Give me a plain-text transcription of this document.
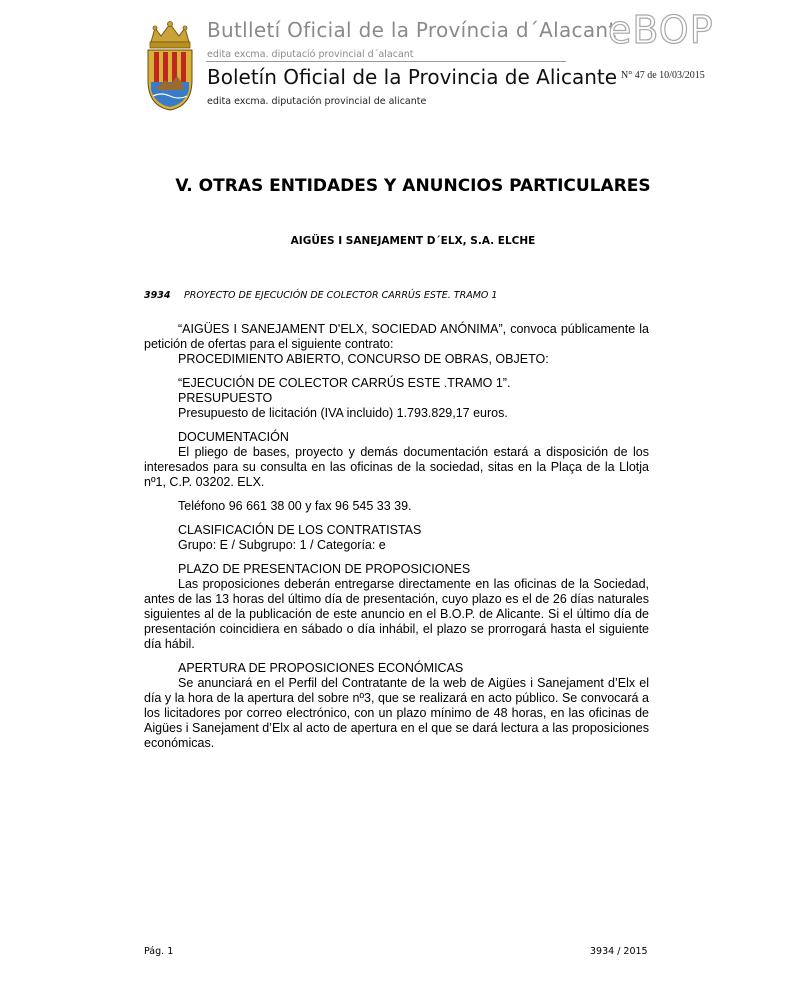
Butlletí Oficial de la Província d´Alacant
edita excma. diputació provincial d´alacant
Boletín Oficial de la Provincia de Alicante
edita excma. diputación provincial de alicante
eBOP
N° 47 de 10/03/2015
V. OTRAS ENTIDADES Y ANUNCIOS PARTICULARES
AIGÜES I SANEJAMENT D´ELX, S.A. ELCHE
3934 PROYECTO DE EJECUCIÓN DE COLECTOR CARRÚS ESTE. TRAMO 1

“AIGÜES I SANEJAMENT D'ELX, SOCIEDAD ANÓNIMA”, convoca públicamente la petición de ofertas para el siguiente contrato:

PROCEDIMIENTO ABIERTO, CONCURSO DE OBRAS, OBJETO:

“EJECUCIÓN DE COLECTOR CARRÚS ESTE .TRAMO 1”.

PRESUPUESTO

Presupuesto de licitación (IVA incluido) 1.793.829,17 euros.

DOCUMENTACIÓN

El pliego de bases, proyecto y demás documentación estará a disposición de los interesados para su consulta en las oficinas de la sociedad, sitas en la Plaça de la Llotja nº1, C.P. 03202. ELX.

Teléfono 96 661 38 00 y fax 96 545 33 39.

CLASIFICACIÓN DE LOS CONTRATISTAS

Grupo: E / Subgrupo: 1 / Categoría: e

PLAZO DE PRESENTACION DE PROPOSICIONES

Las proposiciones deberán entregarse directamente en las oficinas de la Sociedad, antes de las 13 horas del último día de presentación, cuyo plazo es el de 26 días naturales siguientes al de la publicación de este anuncio en el B.O.P. de Alicante. Si el último día de presentación coincidiera en sábado o día inhábil, el plazo se prorrogará hasta el siguiente día hábil.

APERTURA DE PROPOSICIONES ECONÓMICAS

Se anunciará en el Perfil del Contratante de la web de Aigües i Sanejament d’Elx el día y la hora de la apertura del sobre nº3, que se realizará en acto público. Se convocará a los licitadores por correo electrónico, con un plazo mínimo de 48 horas, en las oficinas de Aigües i Sanejament d’Elx al acto de apertura en el que se dará lectura a las proposiciones económicas.

Pág. 1	3934 / 2015
